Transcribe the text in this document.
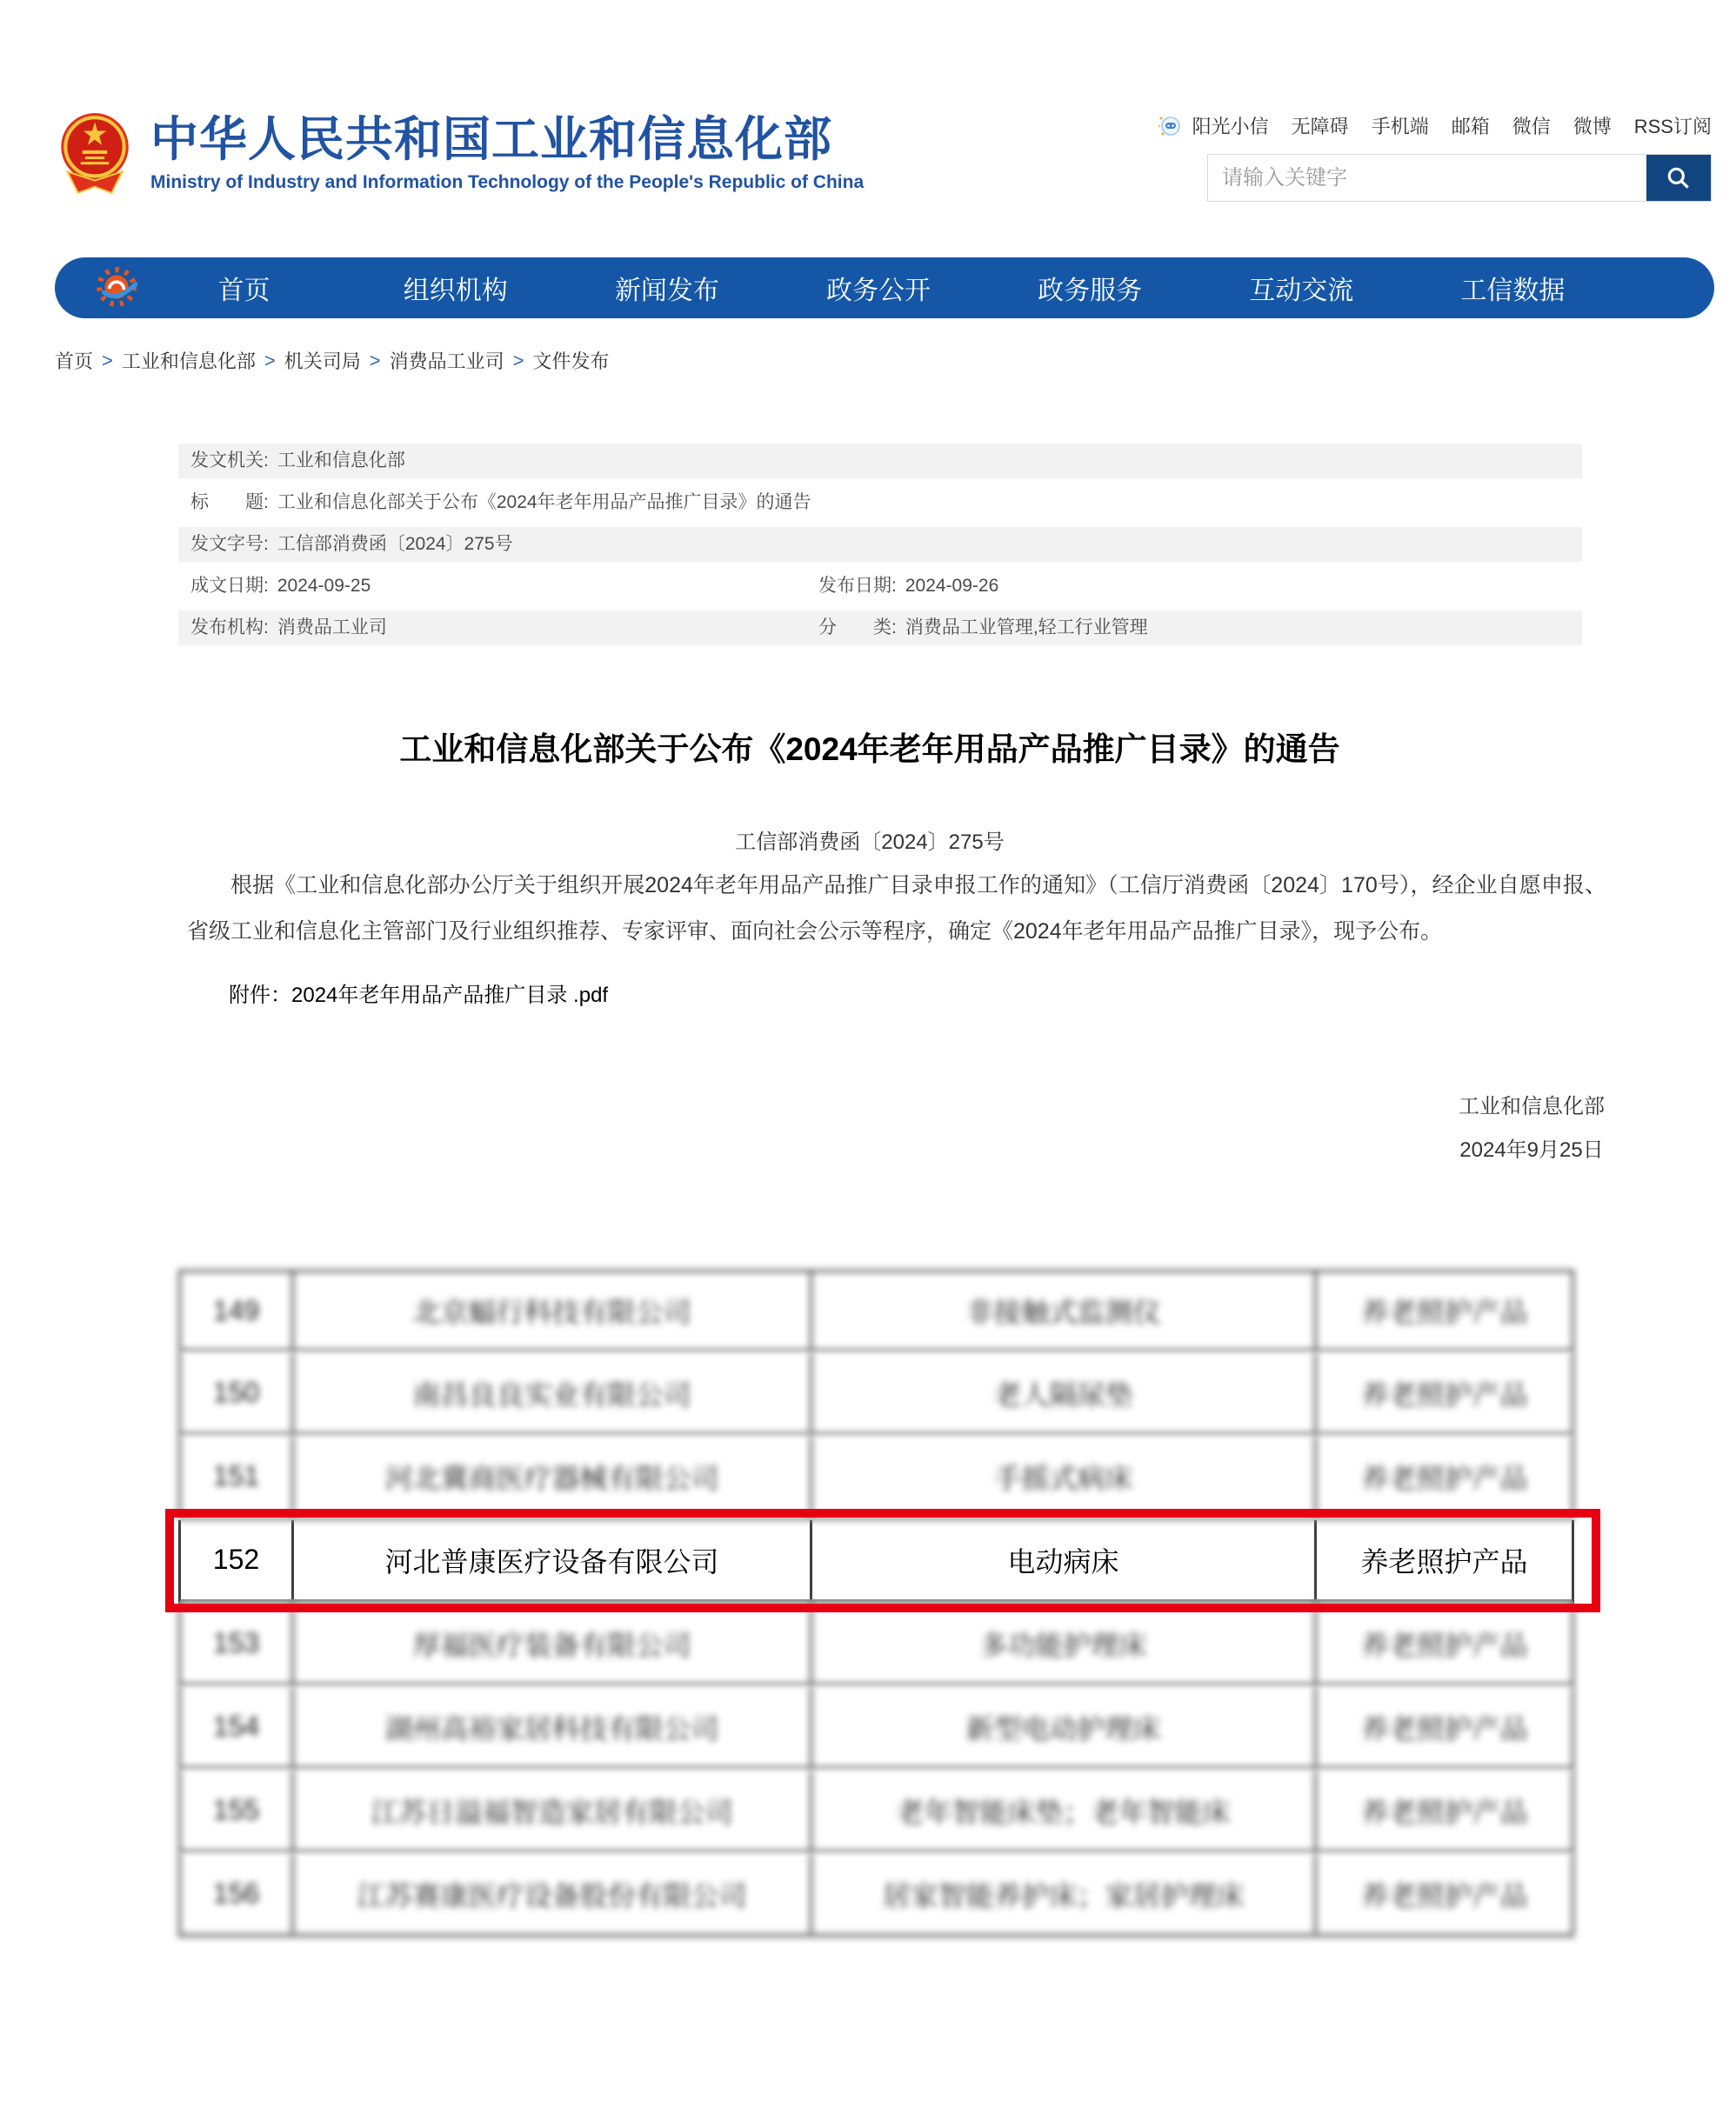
中华人民共和国工业和信息化部
Ministry of Industry and Information Technology of the People's Republic of China
阳光小信 无障碍 手机端 邮箱 微信 微博 RSS订阅
请输入关键字
首页	组织机构	新闻发布	政务公开	政务服务	互动交流	工信数据
首页 > 工业和信息化部 > 机关司局 > 消费品工业司 > 文件发布
发文机关: 工业和信息化部
标　　题: 工业和信息化部关于公布《2024年老年用品产品推广目录》的通告
发文字号: 工信部消费函〔2024〕275号
成文日期: 2024-09-25	发布日期: 2024-09-26
发布机构: 消费品工业司	分　　类: 消费品工业管理,轻工行业管理
工业和信息化部关于公布《2024年老年用品产品推广目录》的通告
工信部消费函〔2024〕275号
根据《工业和信息化部办公厅关于组织开展2024年老年用品产品推广目录申报工作的通知》（工信厅消费函〔2024〕170号），经企业自愿申报、省级工业和信息化主管部门及行业组织推荐、专家评审、面向社会公示等程序，确定《2024年老年用品产品推广目录》，现予公布。
附件：2024年老年用品产品推广目录 .pdf
工业和信息化部
2024年9月25日
149	北京蝠行科技有限公司	非接触式监测仪	养老照护产品
150	南昌良良实业有限公司	老人隔尿垫	养老照护产品
151	河北冀商医疗器械有限公司	手摇式病床	养老照护产品
152	河北普康医疗设备有限公司	电动病床	养老照护产品
153	厚福医疗装备有限公司	多功能护理床	养老照护产品
154	湖州高裕家居科技有限公司	新型电动护理床	养老照护产品
155	江苏日溢福智造家居有限公司	老年智能床垫；老年智能床	养老照护产品
156	江苏赛康医疗设备股份有限公司	居家智能养护床；家居护理床	养老照护产品
